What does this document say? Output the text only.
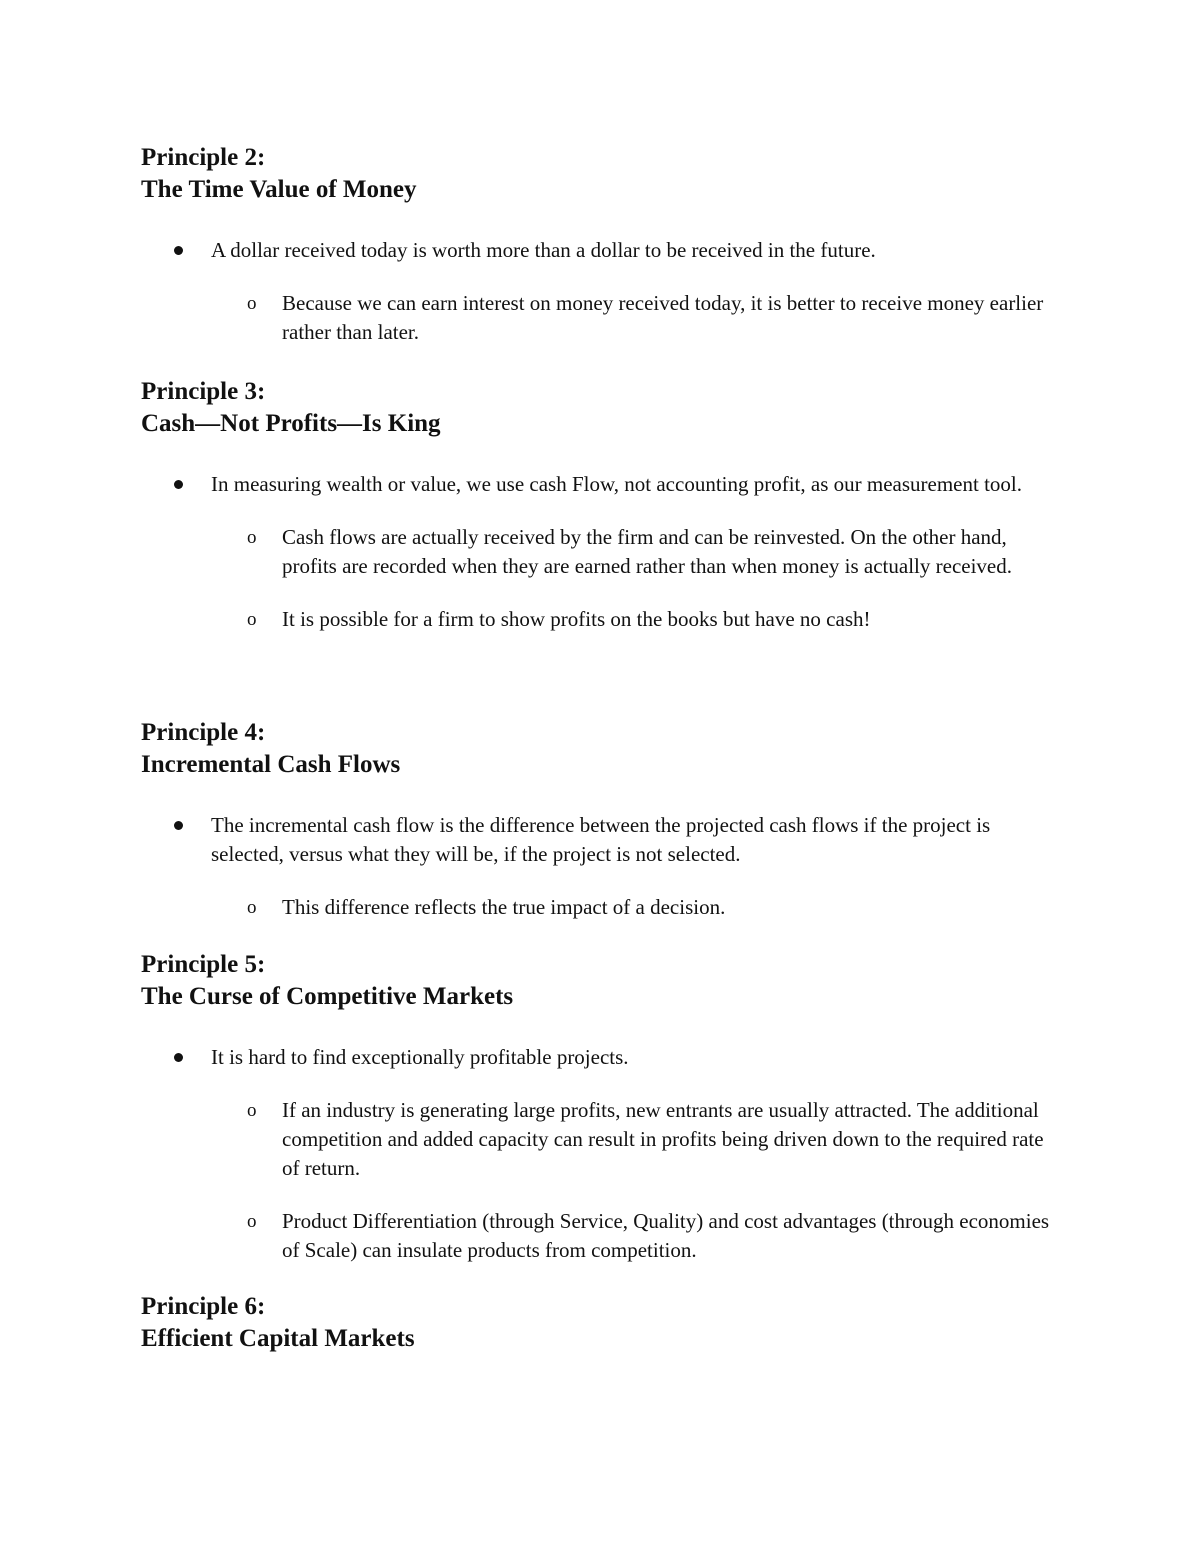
Principle 2:

The Time Value of Money

A dollar received today is worth more than a dollar to be received in the future.

o Because we can earn interest on money received today, it is better to receive money earlier rather than later.

Principle 3:

Cash—Not Profits—Is King

In measuring wealth or value, we use cash Flow, not accounting profit, as our measurement tool.

o Cash flows are actually received by the firm and can be reinvested. On the other hand, profits are recorded when they are earned rather than when money is actually received.

o It is possible for a firm to show profits on the books but have no cash!

Principle 4:

Incremental Cash Flows

The incremental cash flow is the difference between the projected cash flows if the project is selected, versus what they will be, if the project is not selected.

o This difference reflects the true impact of a decision.

Principle 5:

The Curse of Competitive Markets

It is hard to find exceptionally profitable projects.

o If an industry is generating large profits, new entrants are usually attracted. The additional competition and added capacity can result in profits being driven down to the required rate of return.

o Product Differentiation (through Service, Quality) and cost advantages (through economies of Scale) can insulate products from competition.

Principle 6:

Efficient Capital Markets
